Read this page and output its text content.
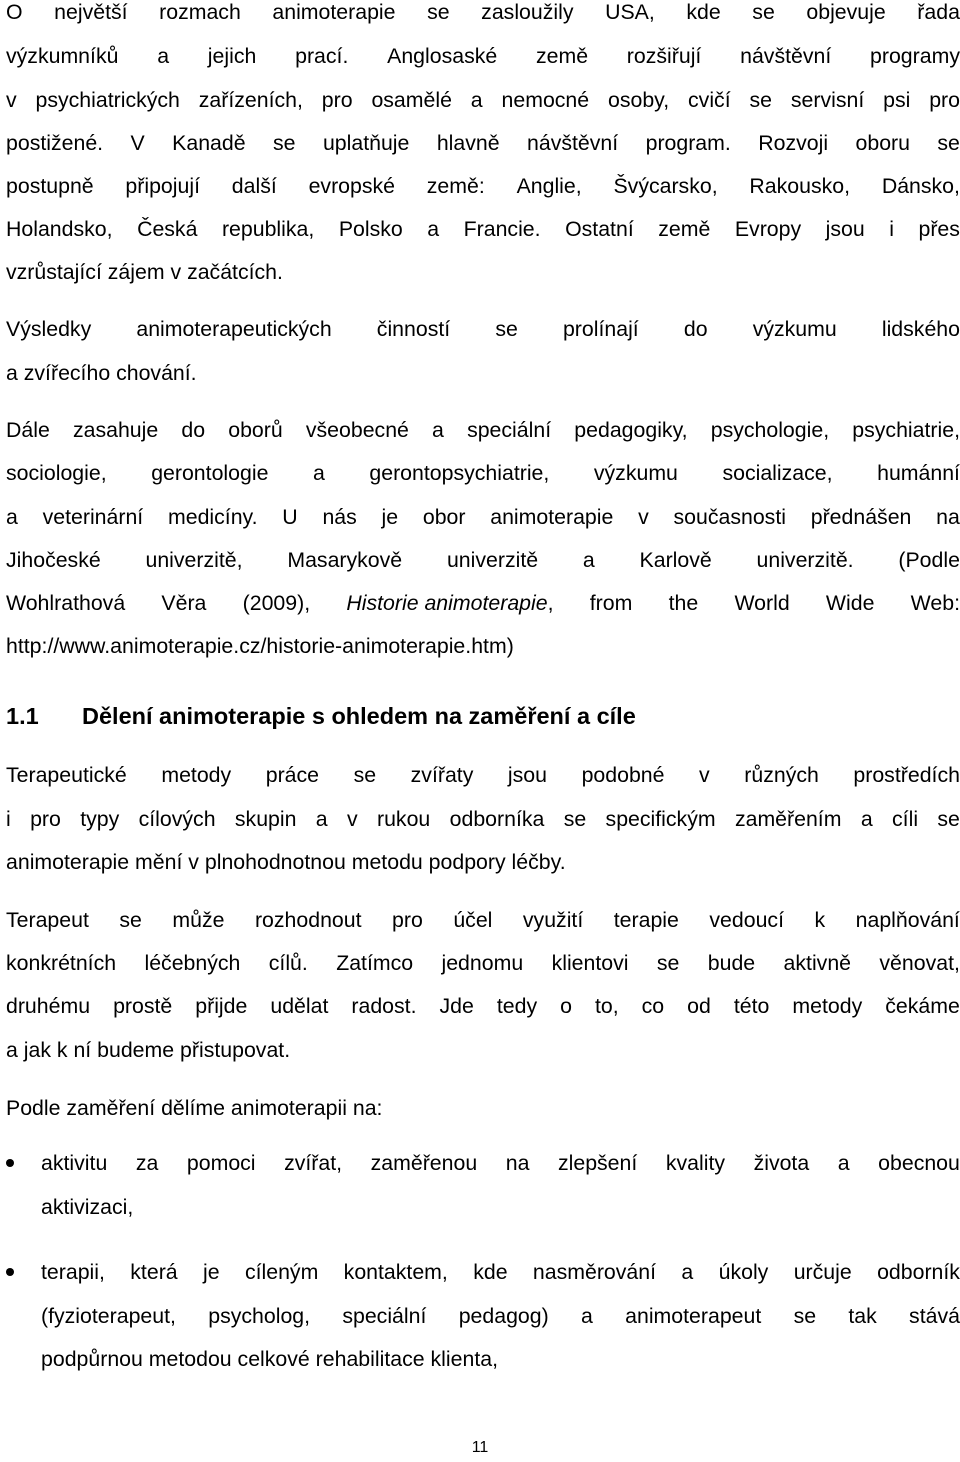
O největší rozmach animoterapie se zasloužily USA, kde se objevuje řada
výzkumníků a jejich prací. Anglosaské země rozšiřují návštěvní programy
v psychiatrických zařízeních, pro osamělé a nemocné osoby, cvičí se servisní psi pro
postižené. V Kanadě se uplatňuje hlavně návštěvní program. Rozvoji oboru se
postupně připojují další evropské země: Anglie, Švýcarsko, Rakousko, Dánsko,
Holandsko, Česká republika, Polsko a Francie. Ostatní země Evropy jsou i přes
vzrůstající zájem v začátcích.
Výsledky animoterapeutických činností se prolínají do výzkumu lidského
a zvířecího chování.
Dále zasahuje do oborů všeobecné a speciální pedagogiky, psychologie, psychiatrie,
sociologie, gerontologie a gerontopsychiatrie, výzkumu socializace, humánní
a veterinární medicíny. U nás je obor animoterapie v současnosti přednášen na
Jihočeské univerzitě, Masarykově univerzitě a Karlově univerzitě. (Podle
Wohlrathová Věra (2009), Historie animoterapie, from the World Wide Web:
http://www.animoterapie.cz/historie-animoterapie.htm)
1.1 Dělení animoterapie s ohledem na zaměření a cíle
Terapeutické metody práce se zvířaty jsou podobné v různých prostředích
i pro typy cílových skupin a v rukou odborníka se specifickým zaměřením a cíli se
animoterapie mění v plnohodnotnou metodu podpory léčby.
Terapeut se může rozhodnout pro účel využití terapie vedoucí k naplňování
konkrétních léčebných cílů. Zatímco jednomu klientovi se bude aktivně věnovat,
druhému prostě přijde udělat radost. Jde tedy o to, co od této metody čekáme
a jak k ní budeme přistupovat.
Podle zaměření dělíme animoterapii na:
aktivitu za pomoci zvířat, zaměřenou na zlepšení kvality života a obecnou
aktivizaci,
terapii, která je cíleným kontaktem, kde nasměrování a úkoly určuje odborník
(fyzioterapeut, psycholog, speciální pedagog) a animoterapeut se tak stává
podpůrnou metodou celkové rehabilitace klienta,
11
